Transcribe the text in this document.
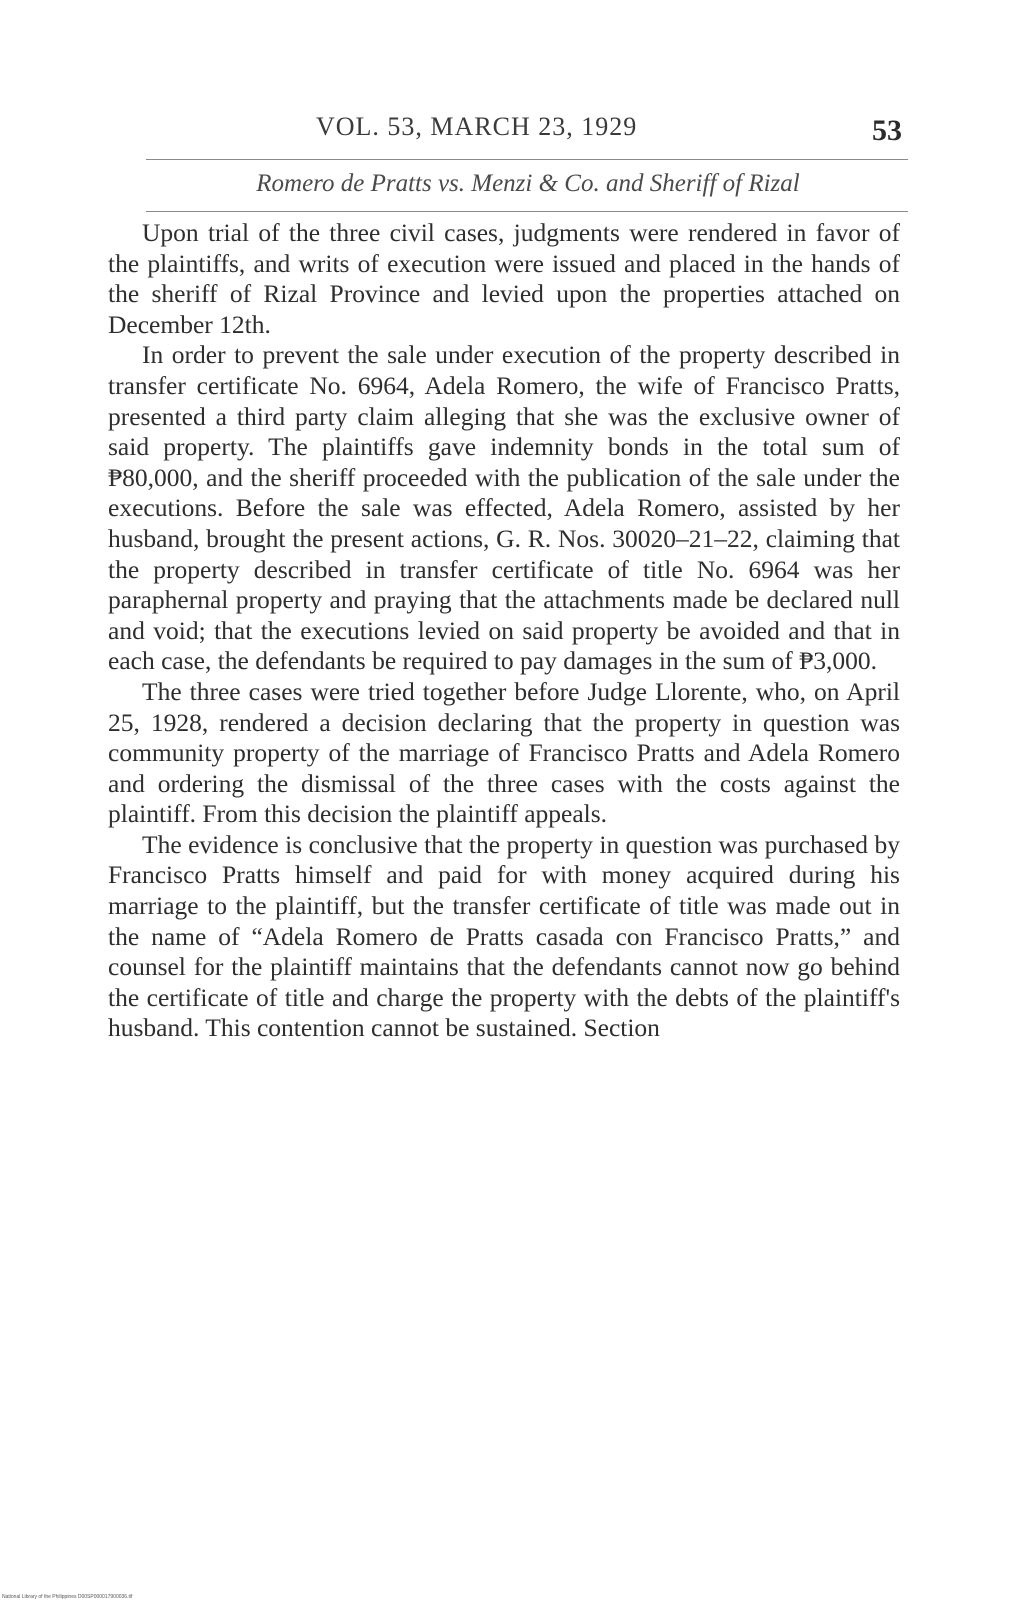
VOL. 53, MARCH 23, 1929	53
Romero de Pratts vs. Menzi & Co. and Sheriff of Rizal

Upon trial of the three civil cases, judgments were rendered in favor of the plaintiffs, and writs of execution were issued and placed in the hands of the sheriff of Rizal Province and levied upon the properties attached on December 12th.

In order to prevent the sale under execution of the property described in transfer certificate No. 6964, Adela Romero, the wife of Francisco Pratts, presented a third party claim alleging that she was the exclusive owner of said property. The plaintiffs gave indemnity bonds in the total sum of ₱80,000, and the sheriff proceeded with the publication of the sale under the executions. Before the sale was effected, Adela Romero, assisted by her husband, brought the present actions, G. R. Nos. 30020–21–22, claiming that the property described in transfer certificate of title No. 6964 was her paraphernal property and praying that the attachments made be declared null and void; that the executions levied on said property be avoided and that in each case, the defendants be required to pay damages in the sum of ₱3,000.

The three cases were tried together before Judge Llorente, who, on April 25, 1928, rendered a decision declaring that the property in question was community property of the marriage of Francisco Pratts and Adela Romero and ordering the dismissal of the three cases with the costs against the plaintiff. From this decision the plaintiff appeals.

The evidence is conclusive that the property in question was purchased by Francisco Pratts himself and paid for with money acquired during his marriage to the plaintiff, but the transfer certificate of title was made out in the name of “Adela Romero de Pratts casada con Francisco Pratts,” and counsel for the plaintiff maintains that the defendants cannot now go behind the certificate of title and charge the property with the debts of the plaintiff's husband. This contention cannot be sustained. Section

National Library of the Philippines D00SP000017900036.tif
